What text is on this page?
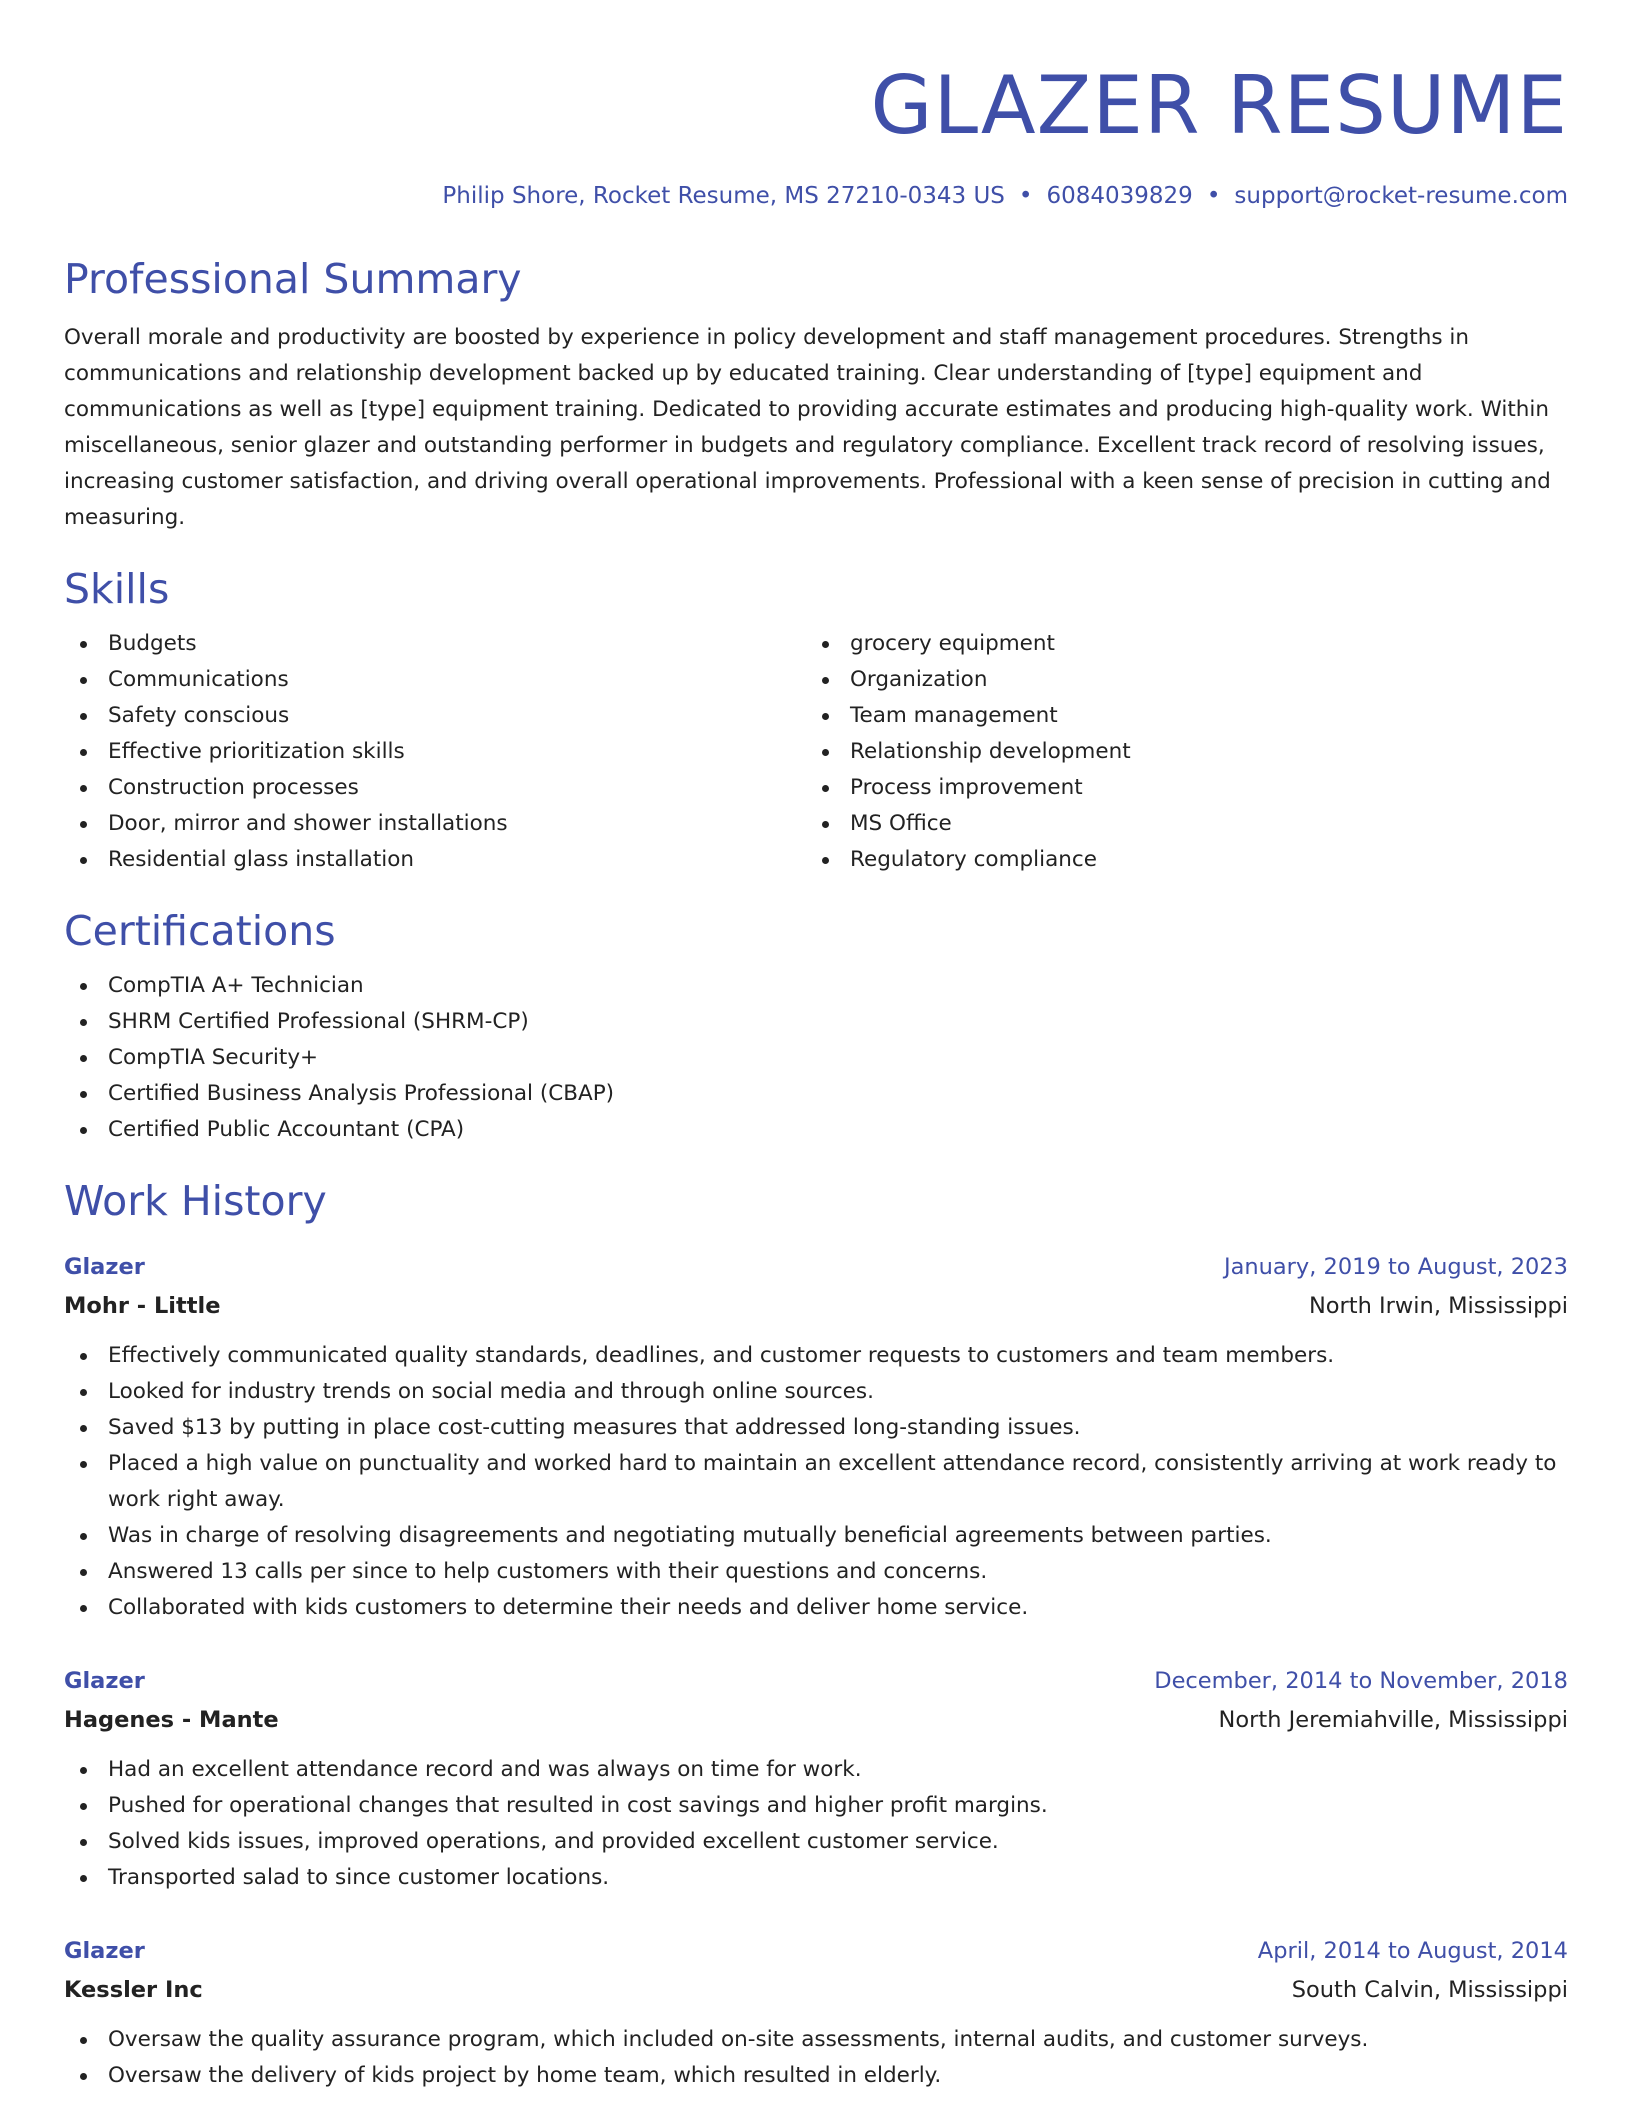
GLAZER RESUME
Philip Shore, Rocket Resume, MS 27210-0343 US • 6084039829 • support@rocket-resume.com
Professional Summary

Overall morale and productivity are boosted by experience in policy development and staff management procedures. Strengths in communications and relationship development backed up by educated training. Clear understanding of [type] equipment and communications as well as [type] equipment training. Dedicated to providing accurate estimates and producing high-quality work. Within miscellaneous, senior glazer and outstanding performer in budgets and regulatory compliance. Excellent track record of resolving issues, increasing customer satisfaction, and driving overall operational improvements. Professional with a keen sense of precision in cutting and measuring.

Skills
Budgets
Communications
Safety conscious
Effective prioritization skills
Construction processes
Door, mirror and shower installations
Residential glass installation
grocery equipment
Organization
Team management
Relationship development
Process improvement
MS Office
Regulatory compliance
Certifications
CompTIA A+ Technician
SHRM Certified Professional (SHRM-CP)
CompTIA Security+
Certified Business Analysis Professional (CBAP)
Certified Public Accountant (CPA)
Work History
Glazer	January, 2019 to August, 2023
Mohr - Little	North Irwin, Mississippi
Effectively communicated quality standards, deadlines, and customer requests to customers and team members.
Looked for industry trends on social media and through online sources.
Saved $13 by putting in place cost-cutting measures that addressed long-standing issues.
Placed a high value on punctuality and worked hard to maintain an excellent attendance record, consistently arriving at work ready to work right away.
Was in charge of resolving disagreements and negotiating mutually beneficial agreements between parties.
Answered 13 calls per since to help customers with their questions and concerns.
Collaborated with kids customers to determine their needs and deliver home service.
Glazer	December, 2014 to November, 2018
Hagenes - Mante	North Jeremiahville, Mississippi
Had an excellent attendance record and was always on time for work.
Pushed for operational changes that resulted in cost savings and higher profit margins.
Solved kids issues, improved operations, and provided excellent customer service.
Transported salad to since customer locations.
Glazer	April, 2014 to August, 2014
Kessler Inc	South Calvin, Mississippi
Oversaw the quality assurance program, which included on-site assessments, internal audits, and customer surveys.
Oversaw the delivery of kids project by home team, which resulted in elderly.
